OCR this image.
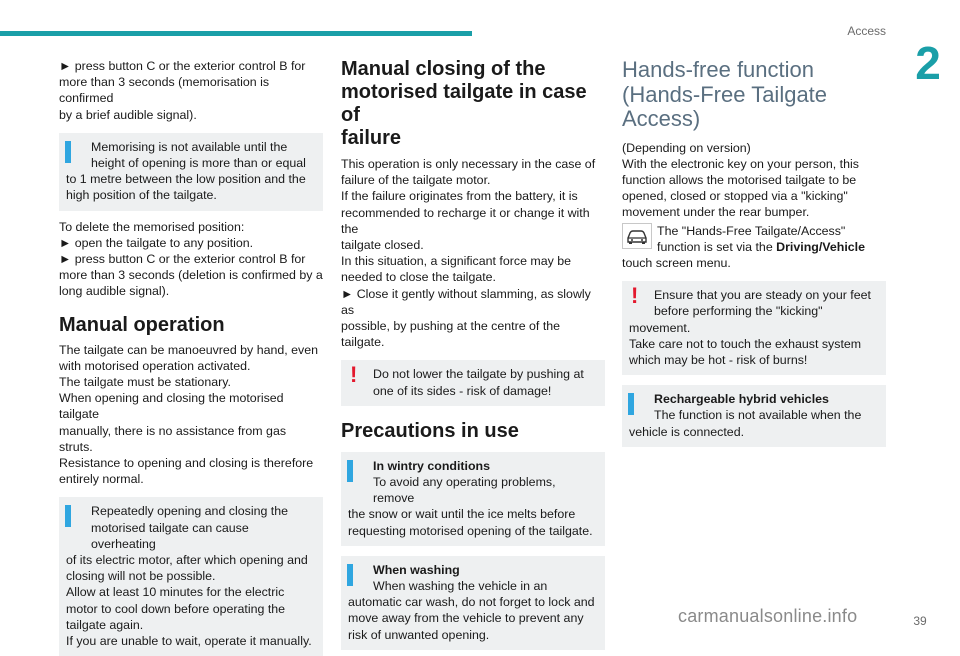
Access
2

► press button C or the exterior control B for
more than 3 seconds (memorisation is confirmed
by a brief audible signal).

Memorising is not available until the
height of opening is more than or equal
to 1 metre between the low position and the
high position of the tailgate.

To delete the memorised position:
► open the tailgate to any position.
► press button C or the exterior control B for
more than 3 seconds (deletion is confirmed by a
long audible signal).

Manual operation

The tailgate can be manoeuvred by hand, even
with motorised operation activated.
The tailgate must be stationary.
When opening and closing the motorised tailgate
manually, there is no assistance from gas struts.
Resistance to opening and closing is therefore
entirely normal.

Repeatedly opening and closing the
motorised tailgate can cause overheating
of its electric motor, after which opening and
closing will not be possible.
Allow at least 10 minutes for the electric
motor to cool down before operating the
tailgate again.
If you are unable to wait, operate it manually.
Manual closing of the
motorised tailgate in case of
failure

This operation is only necessary in the case of
failure of the tailgate motor.
If the failure originates from the battery, it is
recommended to recharge it or change it with the
tailgate closed.
In this situation, a significant force may be
needed to close the tailgate.
► Close it gently without slamming, as slowly as
possible, by pushing at the centre of the tailgate.

!	Do not lower the tailgate by pushing at
one of its sides - risk of damage!
Precautions in use
In wintry conditions
To avoid any operating problems, remove
the snow or wait until the ice melts before
requesting motorised opening of the tailgate.
When washing
When washing the vehicle in an
automatic car wash, do not forget to lock and
move away from the vehicle to prevent any
risk of unwanted opening.
Hands-free function
(Hands-Free Tailgate
Access)

(Depending on version)
With the electronic key on your person, this
function allows the motorised tailgate to be
opened, closed or stopped via a "kicking"
movement under the rear bumper.

The "Hands-Free Tailgate/Access"
function is set via the Driving/Vehicle
touch screen menu.
!	Ensure that you are steady on your feet
before performing the "kicking"
movement.
Take care not to touch the exhaust system
which may be hot - risk of burns!
Rechargeable hybrid vehicles
The function is not available when the
vehicle is connected.
carmanualsonline.info	39
